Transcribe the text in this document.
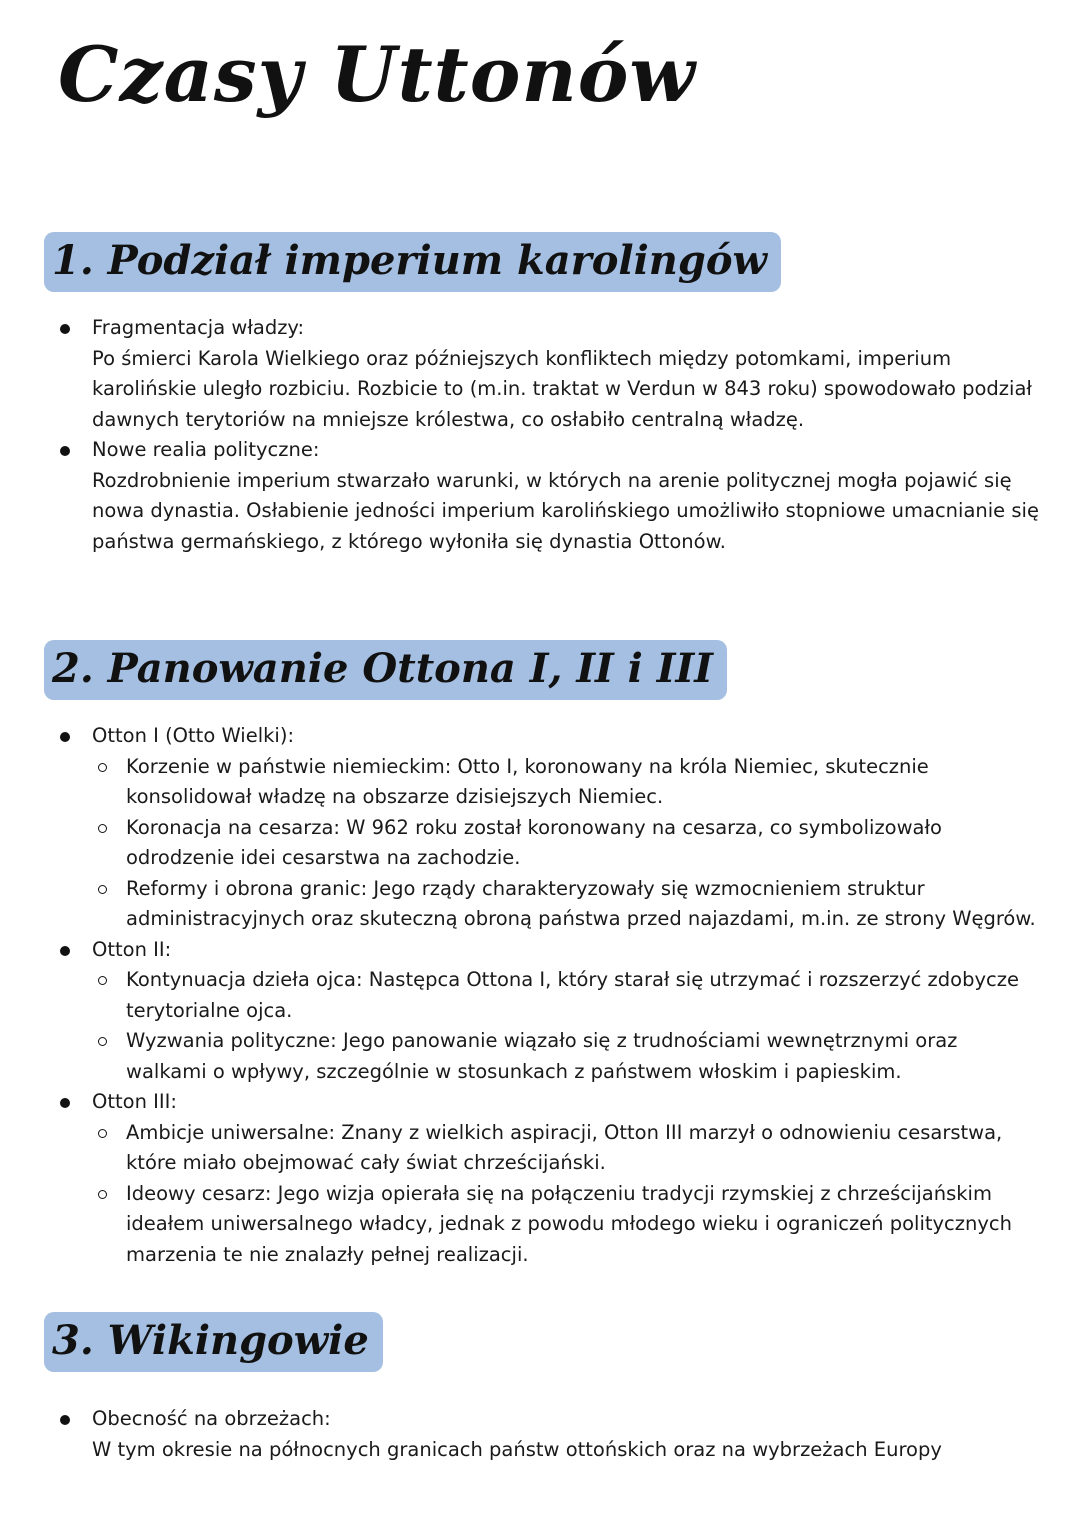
Czasy Uttonów
1. Podział imperium karolingów
Fragmentacja władzy:
Po śmierci Karola Wielkiego oraz późniejszych konfliktech między potomkami, imperium karolińskie uległo rozbiciu. Rozbicie to (m.in. traktat w Verdun w 843 roku) spowodowało podział dawnych terytoriów na mniejsze królestwa, co osłabiło centralną władzę.
Nowe realia polityczne:
Rozdrobnienie imperium stwarzało warunki, w których na arenie politycznej mogła pojawić się nowa dynastia. Osłabienie jedności imperium karolińskiego umożliwiło stopniowe umacnianie się państwa germańskiego, z którego wyłoniła się dynastia Ottonów.
2. Panowanie Ottona I, II i III
Otton I (Otto Wielki):
Korzenie w państwie niemieckim: Otto I, koronowany na króla Niemiec, skutecznie konsolidował władzę na obszarze dzisiejszych Niemiec.
Koronacja na cesarza: W 962 roku został koronowany na cesarza, co symbolizowało odrodzenie idei cesarstwa na zachodzie.
Reformy i obrona granic: Jego rządy charakteryzowały się wzmocnieniem struktur administracyjnych oraz skuteczną obroną państwa przed najazdami, m.in. ze strony Węgrów.
Otton II:
Kontynuacja dzieła ojca: Następca Ottona I, który starał się utrzymać i rozszerzyć zdobycze terytorialne ojca.
Wyzwania polityczne: Jego panowanie wiązało się z trudnościami wewnętrznymi oraz walkami o wpływy, szczególnie w stosunkach z państwem włoskim i papieskim.
Otton III:
Ambicje uniwersalne: Znany z wielkich aspiracji, Otton III marzył o odnowieniu cesarstwa, które miało obejmować cały świat chrześcijański.
Ideowy cesarz: Jego wizja opierała się na połączeniu tradycji rzymskiej z chrześcijańskim ideałem uniwersalnego władcy, jednak z powodu młodego wieku i ograniczeń politycznych marzenia te nie znalazły pełnej realizacji.
3. Wikingowie
Obecność na obrzeżach:
W tym okresie na północnych granicach państw ottońskich oraz na wybrzeżach Europy
